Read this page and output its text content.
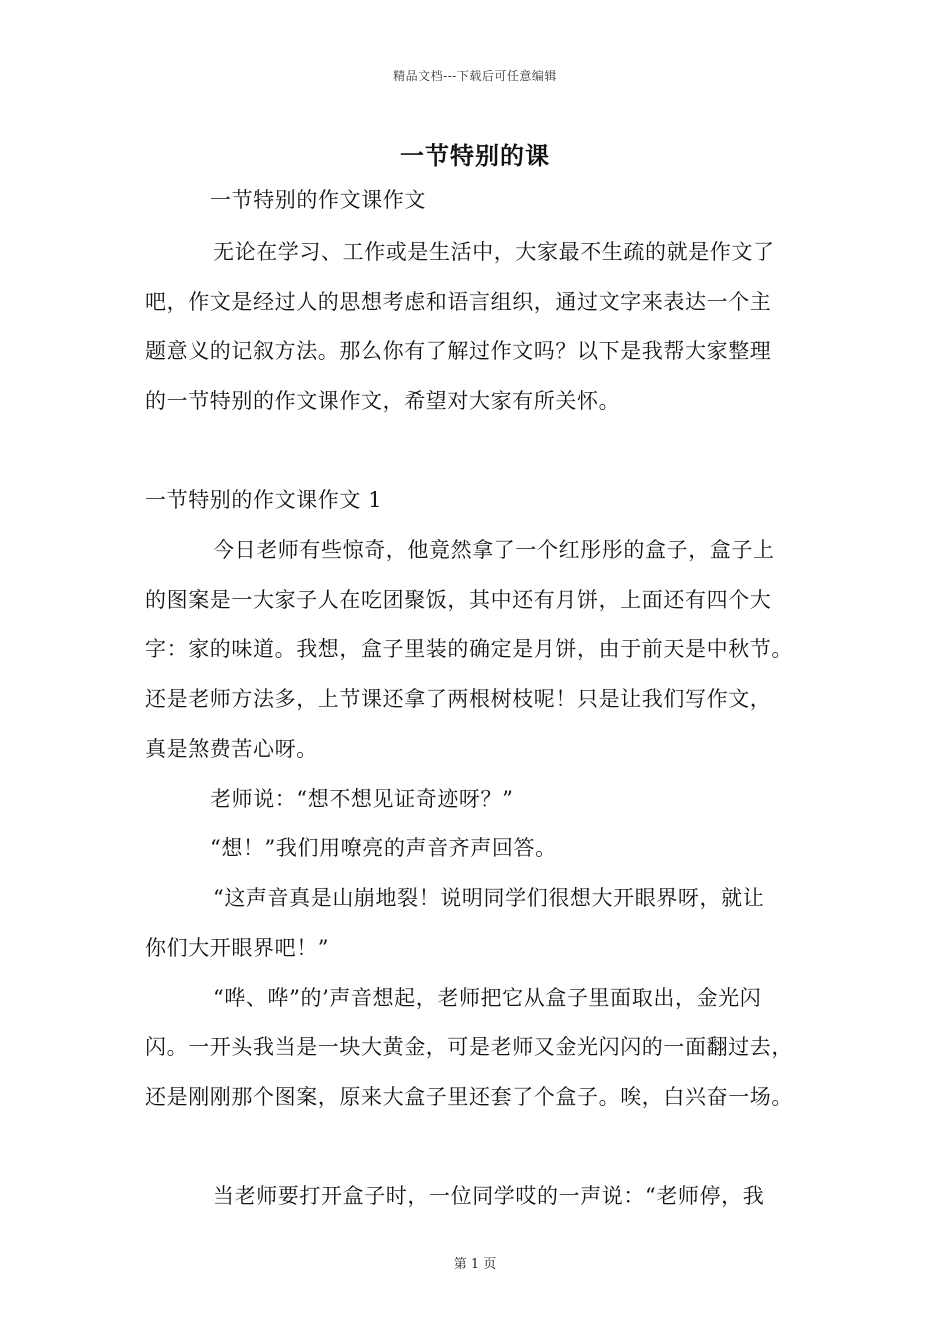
精品文档---下载后可任意编辑
一节特别的课
一节特别的作文课作文
无论在学习、工作或是生活中，大家最不生疏的就是作文了
吧，作文是经过人的思想考虑和语言组织，通过文字来表达一个主
题意义的记叙方法。那么你有了解过作文吗？以下是我帮大家整理
的一节特别的作文课作文，希望对大家有所关怀。
一节特别的作文课作文 1
今日老师有些惊奇，他竟然拿了一个红彤彤的盒子，盒子上
的图案是一大家子人在吃团聚饭，其中还有月饼，上面还有四个大
字：家的味道。我想，盒子里装的确定是月饼，由于前天是中秋节。
还是老师方法多，上节课还拿了两根树枝呢！只是让我们写作文，
真是煞费苦心呀。
老师说：“想不想见证奇迹呀？”
“想！”我们用嘹亮的声音齐声回答。
“这声音真是山崩地裂！说明同学们很想大开眼界呀，就让
你们大开眼界吧！”
“哗、哗”的’声音想起，老师把它从盒子里面取出，金光闪
闪。一开头我当是一块大黄金，可是老师又金光闪闪的一面翻过去，
还是刚刚那个图案，原来大盒子里还套了个盒子。唉，白兴奋一场。
当老师要打开盒子时，一位同学哎的一声说：“老师停，我
第 1 页
